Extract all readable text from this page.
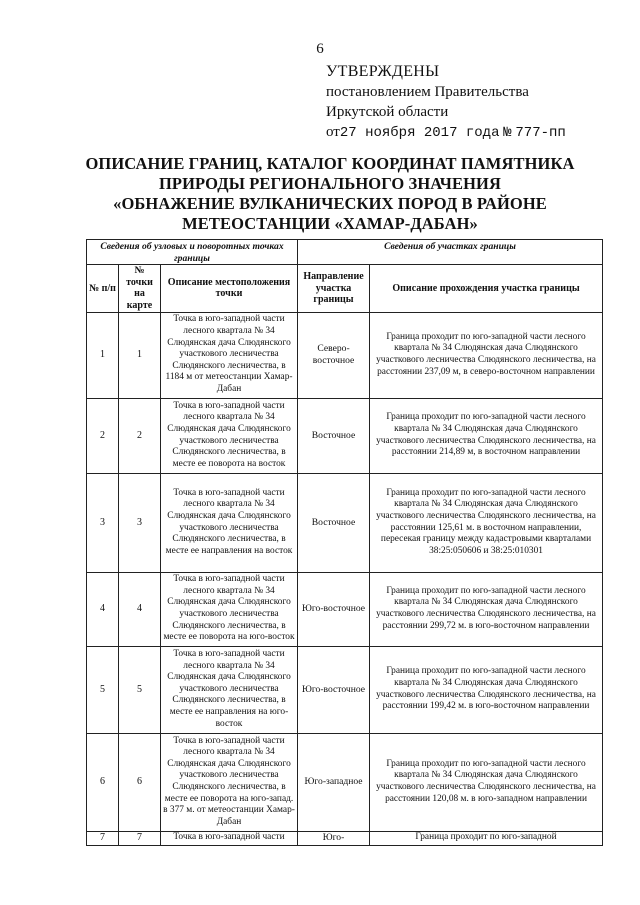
6
УТВЕРЖДЕНЫ
постановлением Правительства
Иркутской области
от27 ноября 2017 года № 777-пп
ОПИСАНИЕ ГРАНИЦ, КАТАЛОГ КООРДИНАТ ПАМЯТНИКА
ПРИРОДЫ РЕГИОНАЛЬНОГО ЗНАЧЕНИЯ
«ОБНАЖЕНИЕ ВУЛКАНИЧЕСКИХ ПОРОД В РАЙОНЕ
МЕТЕОСТАНЦИИ «ХАМАР-ДАБАН»
Сведения об узловых и поворотных точках границы			Сведения об участках границы	
№ п/п	№ точки на карте	Описание местоположения точки	Направление участка границы	Описание прохождения участка границы
1	1	Точка в юго-западной части лесного квартала № 34 Слюдянская дача Слюдянского участкового лесничества Слюдянского лесничества, в 1184 м от метеостанции Хамар-Дабан	Северо-восточное	Граница проходит по юго-западной части лесного квартала № 34 Слюдянская дача Слюдянского участкового лесничества Слюдянского лесничества, на расстоянии 237,09 м, в северо-восточном направлении
2	2	Точка в юго-западной части лесного квартала № 34 Слюдянская дача Слюдянского участкового лесничества Слюдянского лесничества, в месте ее поворота на восток	Восточное	Граница проходит по юго-западной части лесного квартала № 34 Слюдянская дача Слюдянского участкового лесничества Слюдянского лесничества, на расстоянии 214,89 м, в восточном направлении
3	3	Точка в юго-западной части лесного квартала № 34 Слюдянская дача Слюдянского участкового лесничества Слюдянского лесничества, в месте ее направления на восток	Восточное	Граница проходит по юго-западной части лесного квартала № 34 Слюдянская дача Слюдянского участкового лесничества Слюдянского лесничества, на расстоянии 125,61 м. в восточном направлении, пересекая границу между кадастровыми кварталами 38:25:050606 и 38:25:010301
4	4	Точка в юго-западной части лесного квартала № 34 Слюдянская дача Слюдянского участкового лесничества Слюдянского лесничества, в месте ее поворота на юго-восток	Юго-восточное	Граница проходит по юго-западной части лесного квартала № 34 Слюдянская дача Слюдянского участкового лесничества Слюдянского лесничества, на расстоянии 299,72 м. в юго-восточном направлении
5	5	Точка в юго-западной части лесного квартала № 34 Слюдянская дача Слюдянского участкового лесничества Слюдянского лесничества, в месте ее направления на юго-восток	Юго-восточное	Граница проходит по юго-западной части лесного квартала № 34 Слюдянская дача Слюдянского участкового лесничества Слюдянского лесничества, на расстоянии 199,42 м. в юго-восточном направлении
6	6	Точка в юго-западной части лесного квартала № 34 Слюдянская дача Слюдянского участкового лесничества Слюдянского лесничества, в месте ее поворота на юго-запад. в 377 м. от метеостанции Хамар-Дабан	Юго-западное	Граница проходит по юго-западной части лесного квартала № 34 Слюдянская дача Слюдянского участкового лесничества Слюдянского лесничества, на расстоянии 120,08 м. в юго-западном направлении
7	7	Точка в юго-западной части	Юго-	Граница проходит по юго-западной
